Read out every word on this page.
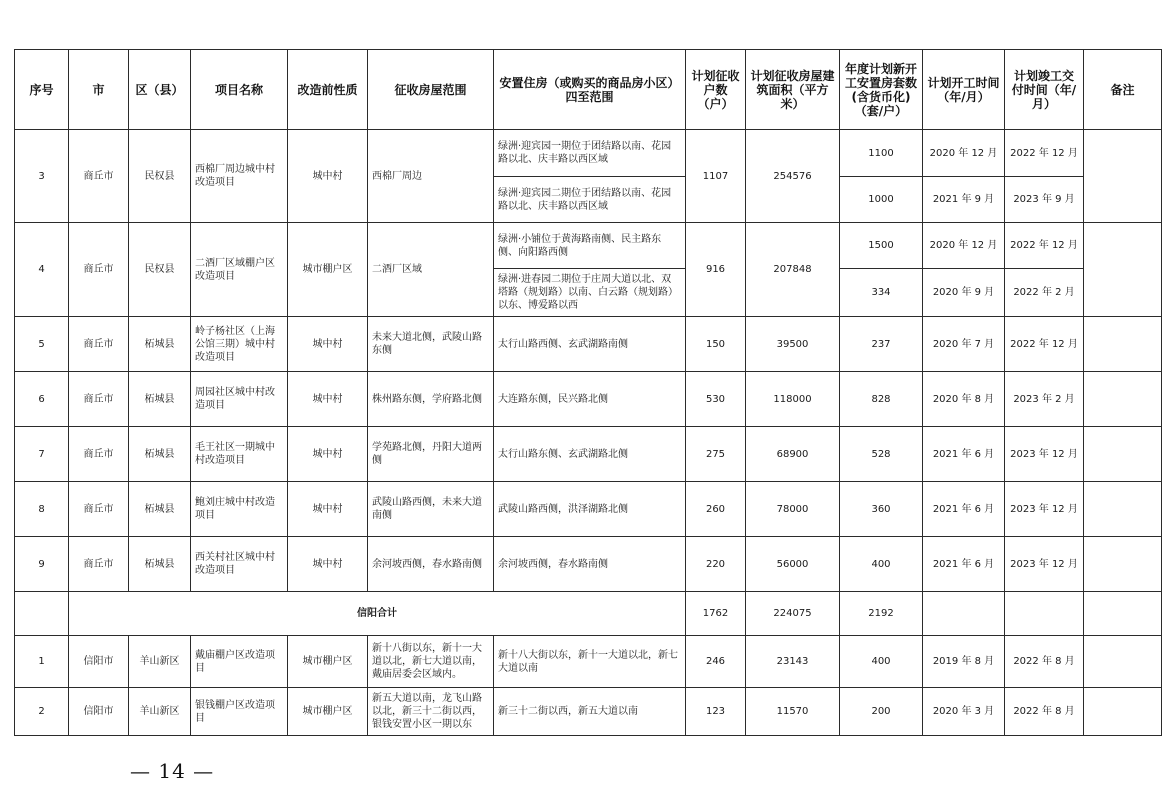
序号	市	区（县）	项目名称	改造前性质	征收房屋范围	安置住房（或购买的商品房小区）四至范围	计划征收户数（户）	计划征收房屋建筑面积（平方米）	年度计划新开工安置房套数(含货币化)（套/户）	计划开工时间（年/月）	计划竣工交付时间（年/月）	备注
3	商丘市	民权县	西棉厂周边城中村改造项目	城中村	西棉厂周边	绿洲·迎宾园一期位于团结路以南、花园路以北、庆丰路以西区域	1107	254576	1100	2020 年 12 月	2022 年 12 月	
						绿洲·迎宾园二期位于团结路以南、花园路以北、庆丰路以西区域			1000	2021 年 9 月	2023 年 9 月	
4	商丘市	民权县	二酒厂区域棚户区改造项目	城市棚户区	二酒厂区域	绿洲·小铺位于黄海路南侧、民主路东侧、向阳路西侧	916	207848	1500	2020 年 12 月	2022 年 12 月	
						绿洲·进春园二期位于庄周大道以北、双塔路（规划路）以南、白云路（规划路）以东、博爱路以西			334	2020 年 9 月	2022 年 2 月	
5	商丘市	柘城县	岭子杨社区（上海公馆三期）城中村改造项目	城中村	未来大道北侧，武陵山路东侧	太行山路西侧、玄武湖路南侧	150	39500	237	2020 年 7 月	2022 年 12 月	
6	商丘市	柘城县	周园社区城中村改造项目	城中村	株州路东侧，学府路北侧	大连路东侧，民兴路北侧	530	118000	828	2020 年 8 月	2023 年 2 月	
7	商丘市	柘城县	毛王社区一期城中村改造项目	城中村	学苑路北侧，丹阳大道两侧	太行山路东侧、玄武湖路北侧	275	68900	528	2021 年 6 月	2023 年 12 月	
8	商丘市	柘城县	鲍刘庄城中村改造项目	城中村	武陵山路西侧，未来大道南侧	武陵山路西侧，洪泽湖路北侧	260	78000	360	2021 年 6 月	2023 年 12 月	
9	商丘市	柘城县	西关村社区城中村改造项目	城中村	余河坡西侧，春水路南侧	余河坡西侧，春水路南侧	220	56000	400	2021 年 6 月	2023 年 12 月	
	信阳合计						1762	224075	2192			
1	信阳市	羊山新区	戴庙棚户区改造项目	城市棚户区	新十八街以东，新十一大道以北，新七大道以南，戴庙居委会区域内。	新十八大街以东，新十一大道以北，新七大道以南	246	23143	400	2019 年 8 月	2022 年 8 月	
2	信阳市	羊山新区	银钱棚户区改造项目	城市棚户区	新五大道以南，龙飞山路以北，新三十二街以西，银钱安置小区一期以东	新三十二街以西，新五大道以南	123	11570	200	2020 年 3 月	2022 年 8 月	
— 14 —
